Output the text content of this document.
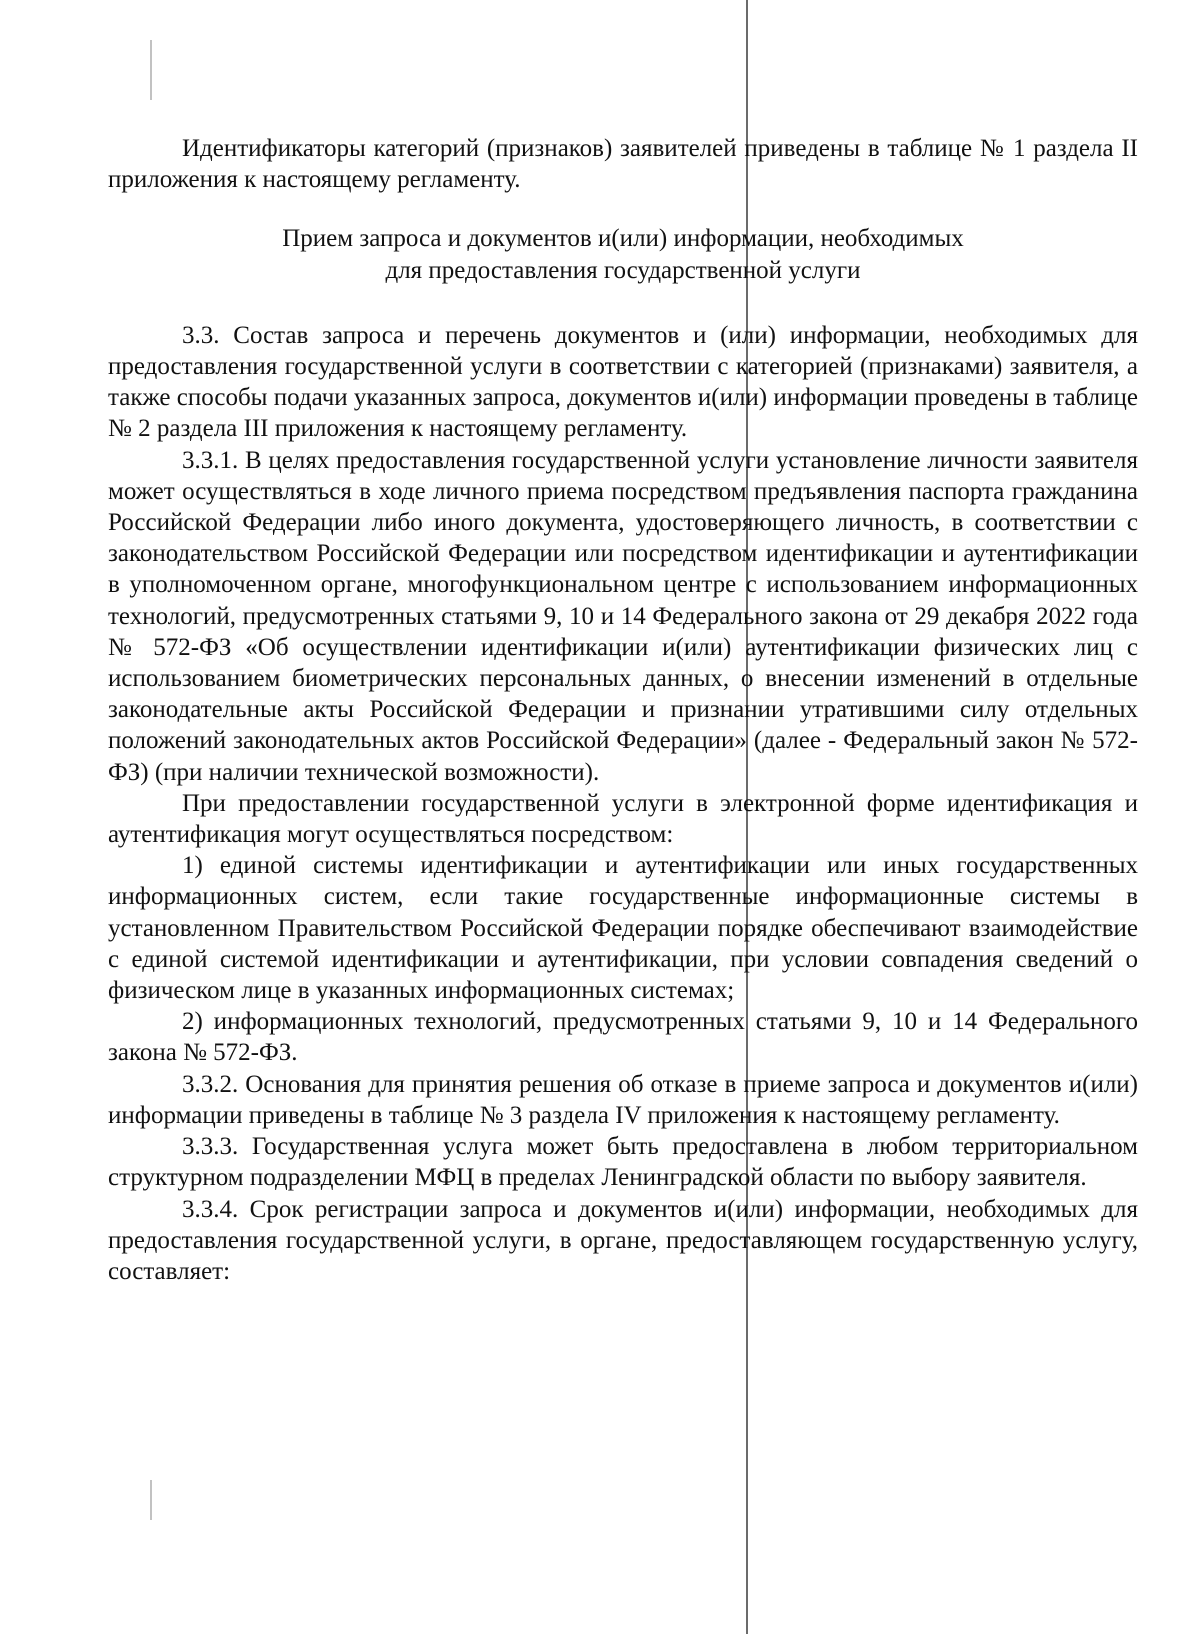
Идентификаторы категорий (признаков) заявителей приведены в таблице № 1 раздела II приложения к настоящему регламенту.

Прием запроса и документов и(или) информации, необходимых
для предоставления государственной услуги

3.3. Состав запроса и перечень документов и (или) информации, необходимых для предоставления государственной услуги в соответствии с категорией (признаками) заявителя, а также способы подачи указанных запроса, документов и(или) информации проведены в таблице № 2 раздела III приложения к настоящему регламенту.

3.3.1. В целях предоставления государственной услуги установление личности заявителя может осуществляться в ходе личного приема посредством предъявления паспорта гражданина Российской Федерации либо иного документа, удостоверяющего личность, в соответствии с законодательством Российской Федерации или посредством идентификации и аутентификации в уполномоченном органе, многофункциональном центре с использованием информационных технологий, предусмотренных статьями 9, 10 и 14 Федерального закона от 29 декабря 2022 года № 572-ФЗ «Об осуществлении идентификации и(или) аутентификации физических лиц с использованием биометрических персональных данных, о внесении изменений в отдельные законодательные акты Российской Федерации и признании утратившими силу отдельных положений законодательных актов Российской Федерации» (далее - Федеральный закон № 572-ФЗ) (при наличии технической возможности).

При предоставлении государственной услуги в электронной форме идентификация и аутентификация могут осуществляться посредством:

1) единой системы идентификации и аутентификации или иных государственных информационных систем, если такие государственные информационные системы в установленном Правительством Российской Федерации порядке обеспечивают взаимодействие с единой системой идентификации и аутентификации, при условии совпадения сведений о физическом лице в указанных информационных системах;

2) информационных технологий, предусмотренных статьями 9, 10 и 14 Федерального закона № 572-ФЗ.

3.3.2. Основания для принятия решения об отказе в приеме запроса и документов и(или) информации приведены в таблице № 3 раздела IV приложения к настоящему регламенту.

3.3.3. Государственная услуга может быть предоставлена в любом территориальном структурном подразделении МФЦ в пределах Ленинградской области по выбору заявителя.

3.3.4. Срок регистрации запроса и документов и(или) информации, необходимых для предоставления государственной услуги, в органе, предоставляющем государственную услугу, составляет:
